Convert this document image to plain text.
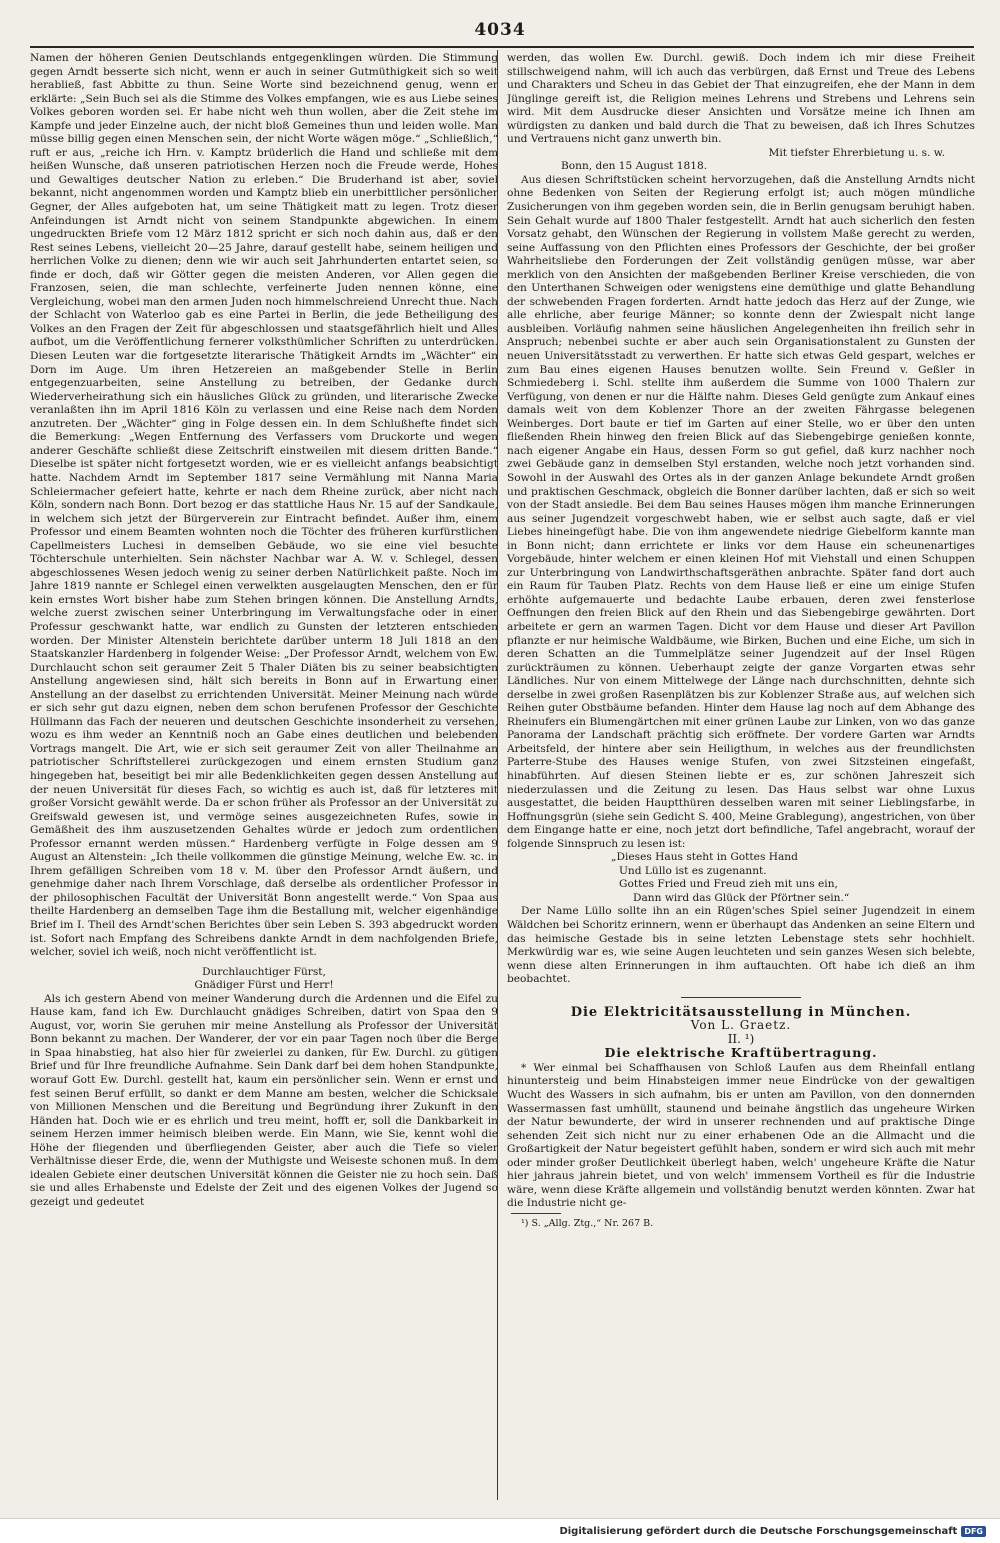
4034

Namen der höheren Genien Deutschlands entgegenklingen würden. Die Stimmung gegen Arndt besserte sich nicht, wenn er auch in seiner Gutmüthigkeit sich so weit herabließ, fast Abbitte zu thun. Seine Worte sind bezeichnend genug, wenn er erklärte: „Sein Buch sei als die Stimme des Volkes empfangen, wie es aus Liebe seines Volkes geboren worden sei. Er habe nicht weh thun wollen, aber die Zeit stehe im Kampfe und jeder Einzelne auch, der nicht bloß Gemeines thun und leiden wolle. Man müsse billig gegen einen Menschen sein, der nicht Worte wägen möge.“ „Schließlich,“ ruft er aus, „reiche ich Hrn. v. Kamptz brüderlich die Hand und schließe mit dem heißen Wunsche, daß unseren patriotischen Herzen noch die Freude werde, Hohes und Gewaltiges deutscher Nation zu erleben.“ Die Bruderhand ist aber, soviel bekannt, nicht angenommen worden und Kamptz blieb ein unerbittlicher persönlicher Gegner, der Alles aufgeboten hat, um seine Thätigkeit matt zu legen. Trotz dieser Anfeindungen ist Arndt nicht von seinem Standpunkte abgewichen. In einem ungedruckten Briefe vom 12 März 1812 spricht er sich noch dahin aus, daß er den Rest seines Lebens, vielleicht 20—25 Jahre, darauf gestellt habe, seinem heiligen und herrlichen Volke zu dienen; denn wie wir auch seit Jahrhunderten entartet seien, so finde er doch, daß wir Götter gegen die meisten Anderen, vor Allen gegen die Franzosen, seien, die man schlechte, verfeinerte Juden nennen könne, eine Vergleichung, wobei man den armen Juden noch himmelschreiend Unrecht thue. Nach der Schlacht von Waterloo gab es eine Partei in Berlin, die jede Betheiligung des Volkes an den Fragen der Zeit für abgeschlossen und staatsgefährlich hielt und Alles aufbot, um die Veröffentlichung fernerer volksthümlicher Schriften zu unterdrücken. Diesen Leuten war die fortgesetzte literarische Thätigkeit Arndts im „Wächter“ ein Dorn im Auge. Um ihren Hetzereien an maßgebender Stelle in Berlin entgegenzuarbeiten, seine Anstellung zu betreiben, der Gedanke durch Wiederverheirathung sich ein häusliches Glück zu gründen, und literarische Zwecke veranlaßten ihn im April 1816 Köln zu verlassen und eine Reise nach dem Norden anzutreten. Der „Wächter“ ging in Folge dessen ein. In dem Schlußhefte findet sich die Bemerkung: „Wegen Entfernung des Verfassers vom Druckorte und wegen anderer Geschäfte schließt diese Zeitschrift einstweilen mit diesem dritten Bande.“ Dieselbe ist später nicht fortgesetzt worden, wie er es vielleicht anfangs beabsichtigt hatte. Nachdem Arndt im September 1817 seine Vermählung mit Nanna Maria Schleiermacher gefeiert hatte, kehrte er nach dem Rheine zurück, aber nicht nach Köln, sondern nach Bonn. Dort bezog er das stattliche Haus Nr. 15 auf der Sandkaule, in welchem sich jetzt der Bürgerverein zur Eintracht befindet. Außer ihm, einem Professor und einem Beamten wohnten noch die Töchter des früheren kurfürstlichen Capellmeisters Luchesi in demselben Gebäude, wo sie eine viel besuchte Töchterschule unterhielten. Sein nächster Nachbar war A. W. v. Schlegel, dessen abgeschlossenes Wesen jedoch wenig zu seiner derben Natürlichkeit paßte. Noch im Jahre 1819 nannte er Schlegel einen verwelkten ausgelaugten Menschen, den er für kein ernstes Wort bisher habe zum Stehen bringen können. Die Anstellung Arndts, welche zuerst zwischen seiner Unterbringung im Verwaltungsfache oder in einer Professur geschwankt hatte, war endlich zu Gunsten der letzteren entschieden worden. Der Minister Altenstein berichtete darüber unterm 18 Juli 1818 an den Staatskanzler Hardenberg in folgender Weise: „Der Professor Arndt, welchem von Ew. Durchlaucht schon seit geraumer Zeit 5 Thaler Diäten bis zu seiner beabsichtigten Anstellung angewiesen sind, hält sich bereits in Bonn auf in Erwartung einer Anstellung an der daselbst zu errichtenden Universität. Meiner Meinung nach würde er sich sehr gut dazu eignen, neben dem schon berufenen Professor der Geschichte Hüllmann das Fach der neueren und deutschen Geschichte insonderheit zu versehen, wozu es ihm weder an Kenntniß noch an Gabe eines deutlichen und belebenden Vortrags mangelt. Die Art, wie er sich seit geraumer Zeit von aller Theilnahme an patriotischer Schriftstellerei zurückgezogen und einem ernsten Studium ganz hingegeben hat, beseitigt bei mir alle Bedenklichkeiten gegen dessen Anstellung auf der neuen Universität für dieses Fach, so wichtig es auch ist, daß für letzteres mit großer Vorsicht gewählt werde. Da er schon früher als Professor an der Universität zu Greifswald gewesen ist, und vermöge seines ausgezeichneten Rufes, sowie in Gemäßheit des ihm auszusetzenden Gehaltes würde er jedoch zum ordentlichen Professor ernannt werden müssen.“ Hardenberg verfügte in Folge dessen am 9 August an Altenstein: „Ich theile vollkommen die günstige Meinung, welche Ew. ꝛc. in Ihrem gefälligen Schreiben vom 18 v. M. über den Professor Arndt äußern, und genehmige daher nach Ihrem Vorschlage, daß derselbe als ordentlicher Professor in der philosophischen Facultät der Universität Bonn angestellt werde.“ Von Spaa aus theilte Hardenberg an demselben Tage ihm die Bestallung mit, welcher eigenhändige Brief im I. Theil des Arndt'schen Berichtes über sein Leben S. 393 abgedruckt worden ist. Sofort nach Empfang des Schreibens dankte Arndt in dem nachfolgenden Briefe, welcher, soviel ich weiß, noch nicht veröffentlicht ist.

Durchlauchtiger Fürst,

Gnädiger Fürst und Herr!

Als ich gestern Abend von meiner Wanderung durch die Ardennen und die Eifel zu Hause kam, fand ich Ew. Durchlaucht gnädiges Schreiben, datirt von Spaa den 9 August, vor, worin Sie geruhen mir meine Anstellung als Professor der Universität Bonn bekannt zu machen. Der Wanderer, der vor ein paar Tagen noch über die Berge in Spaa hinabstieg, hat also hier für zweierlei zu danken, für Ew. Durchl. zu gütigen Brief und für Ihre freundliche Aufnahme. Sein Dank darf bei dem hohen Standpunkte, worauf Gott Ew. Durchl. gestellt hat, kaum ein persönlicher sein. Wenn er ernst und fest seinen Beruf erfüllt, so dankt er dem Manne am besten, welcher die Schicksale von Millionen Menschen und die Bereitung und Begründung ihrer Zukunft in den Händen hat. Doch wie er es ehrlich und treu meint, hofft er, soll die Dankbarkeit in seinem Herzen immer heimisch bleiben werde. Ein Mann, wie Sie, kennt wohl die Höhe der fliegenden und überfliegenden Geister, aber auch die Tiefe so vieler Verhältnisse dieser Erde, die, wenn der Muthigste und Weiseste schonen muß. In dem idealen Gebiete einer deutschen Universität können die Geister nie zu hoch sein. Daß sie und alles Erhabenste und Edelste der Zeit und des eigenen Volkes der Jugend so gezeigt und gedeutet

werden, das wollen Ew. Durchl. gewiß. Doch indem ich mir diese Freiheit stillschweigend nahm, will ich auch das verbürgen, daß Ernst und Treue des Lebens und Charakters und Scheu in das Gebiet der That einzugreifen, ehe der Mann in dem Jünglinge gereift ist, die Religion meines Lehrens und Strebens und Lehrens sein wird. Mit dem Ausdrucke dieser Ansichten und Vorsätze meine ich Ihnen am würdigsten zu danken und bald durch die That zu beweisen, daß ich Ihres Schutzes und Vertrauens nicht ganz unwerth bin.

Mit tiefster Ehrerbietung u. s. w.

Bonn, den 15 August 1818.

Aus diesen Schriftstücken scheint hervorzugehen, daß die Anstellung Arndts nicht ohne Bedenken von Seiten der Regierung erfolgt ist; auch mögen mündliche Zusicherungen von ihm gegeben worden sein, die in Berlin genugsam beruhigt haben. Sein Gehalt wurde auf 1800 Thaler festgestellt. Arndt hat auch sicherlich den festen Vorsatz gehabt, den Wünschen der Regierung in vollstem Maße gerecht zu werden, seine Auffassung von den Pflichten eines Professors der Geschichte, der bei großer Wahrheitsliebe den Forderungen der Zeit vollständig genügen müsse, war aber merklich von den Ansichten der maßgebenden Berliner Kreise verschieden, die von den Unterthanen Schweigen oder wenigstens eine demüthige und glatte Behandlung der schwebenden Fragen forderten. Arndt hatte jedoch das Herz auf der Zunge, wie alle ehrliche, aber feurige Männer; so konnte denn der Zwiespalt nicht lange ausbleiben. Vorläufig nahmen seine häuslichen Angelegenheiten ihn freilich sehr in Anspruch; nebenbei suchte er aber auch sein Organisationstalent zu Gunsten der neuen Universitätsstadt zu verwerthen. Er hatte sich etwas Geld gespart, welches er zum Bau eines eigenen Hauses benutzen wollte. Sein Freund v. Geßler in Schmiedeberg i. Schl. stellte ihm außerdem die Summe von 1000 Thalern zur Verfügung, von denen er nur die Hälfte nahm. Dieses Geld genügte zum Ankauf eines damals weit von dem Koblenzer Thore an der zweiten Fährgasse belegenen Weinberges. Dort baute er tief im Garten auf einer Stelle, wo er über den unten fließenden Rhein hinweg den freien Blick auf das Siebengebirge genießen konnte, nach eigener Angabe ein Haus, dessen Form so gut gefiel, daß kurz nachher noch zwei Gebäude ganz in demselben Styl erstanden, welche noch jetzt vorhanden sind. Sowohl in der Auswahl des Ortes als in der ganzen Anlage bekundete Arndt großen und praktischen Geschmack, obgleich die Bonner darüber lachten, daß er sich so weit von der Stadt ansiedle. Bei dem Bau seines Hauses mögen ihm manche Erinnerungen aus seiner Jugendzeit vorgeschwebt haben, wie er selbst auch sagte, daß er viel Liebes hineingefügt habe. Die von ihm angewendete niedrige Giebelform kannte man in Bonn nicht; dann errichtete er links vor dem Hause ein scheunenartiges Vorgebäude, hinter welchem er einen kleinen Hof mit Viehstall und einen Schuppen zur Unterbringung von Landwirthschaftsgeräthen anbrachte. Später fand dort auch ein Raum für Tauben Platz. Rechts von dem Hause ließ er eine um einige Stufen erhöhte aufgemauerte und bedachte Laube erbauen, deren zwei fensterlose Oeffnungen den freien Blick auf den Rhein und das Siebengebirge gewährten. Dort arbeitete er gern an warmen Tagen. Dicht vor dem Hause und dieser Art Pavillon pflanzte er nur heimische Waldbäume, wie Birken, Buchen und eine Eiche, um sich in deren Schatten an die Tummelplätze seiner Jugendzeit auf der Insel Rügen zurückträumen zu können. Ueberhaupt zeigte der ganze Vorgarten etwas sehr Ländliches. Nur von einem Mittelwege der Länge nach durchschnitten, dehnte sich derselbe in zwei großen Rasenplätzen bis zur Koblenzer Straße aus, auf welchen sich Reihen guter Obstbäume befanden. Hinter dem Hause lag noch auf dem Abhange des Rheinufers ein Blumengärtchen mit einer grünen Laube zur Linken, von wo das ganze Panorama der Landschaft prächtig sich eröffnete. Der vordere Garten war Arndts Arbeitsfeld, der hintere aber sein Heiligthum, in welches aus der freundlichsten Parterre-Stube des Hauses wenige Stufen, von zwei Sitzsteinen eingefaßt, hinabführten. Auf diesen Steinen liebte er es, zur schönen Jahreszeit sich niederzulassen und die Zeitung zu lesen. Das Haus selbst war ohne Luxus ausgestattet, die beiden Hauptthüren desselben waren mit seiner Lieblingsfarbe, in Hoffnungsgrün (siehe sein Gedicht S. 400, Meine Grablegung), angestrichen, von über dem Eingange hatte er eine, noch jetzt dort befindliche, Tafel angebracht, worauf der folgende Sinnspruch zu lesen ist:

„Dieses Haus steht in Gottes Hand

Und Lüllo ist es zugenannt.

Gottes Fried und Freud zieh mit uns ein,

Dann wird das Glück der Pförtner sein.“

Der Name Lüllo sollte ihn an ein Rügen'sches Spiel seiner Jugendzeit in einem Wäldchen bei Schoritz erinnern, wenn er überhaupt das Andenken an seine Eltern und das heimische Gestade bis in seine letzten Lebenstage stets sehr hochhielt. Merkwürdig war es, wie seine Augen leuchteten und sein ganzes Wesen sich belebte, wenn diese alten Erinnerungen in ihm auftauchten. Oft habe ich dieß an ihm beobachtet.

Die Elektricitätsausstellung in München.
Von L. Graetz.
II. ¹)
Die elektrische Kraftübertragung.

* Wer einmal bei Schaffhausen von Schloß Laufen aus dem Rheinfall entlang hinuntersteig und beim Hinabsteigen immer neue Eindrücke von der gewaltigen Wucht des Wassers in sich aufnahm, bis er unten am Pavillon, von den donnernden Wassermassen fast umhüllt, staunend und beinahe ängstlich das ungeheure Wirken der Natur bewunderte, der wird in unserer rechnenden und auf praktische Dinge sehenden Zeit sich nicht nur zu einer erhabenen Ode an die Allmacht und die Großartigkeit der Natur begeistert gefühlt haben, sondern er wird sich auch mit mehr oder minder großer Deutlichkeit überlegt haben, welch' ungeheure Kräfte die Natur hier jahraus jahrein bietet, und von welch' immensem Vortheil es für die Industrie wäre, wenn diese Kräfte allgemein und vollständig benutzt werden könnten. Zwar hat die Industrie nicht ge-

¹) S. „Allg. Ztg.,“ Nr. 267 B.

Digitalisierung gefördert durch die Deutsche Forschungsgemeinschaft DFG
